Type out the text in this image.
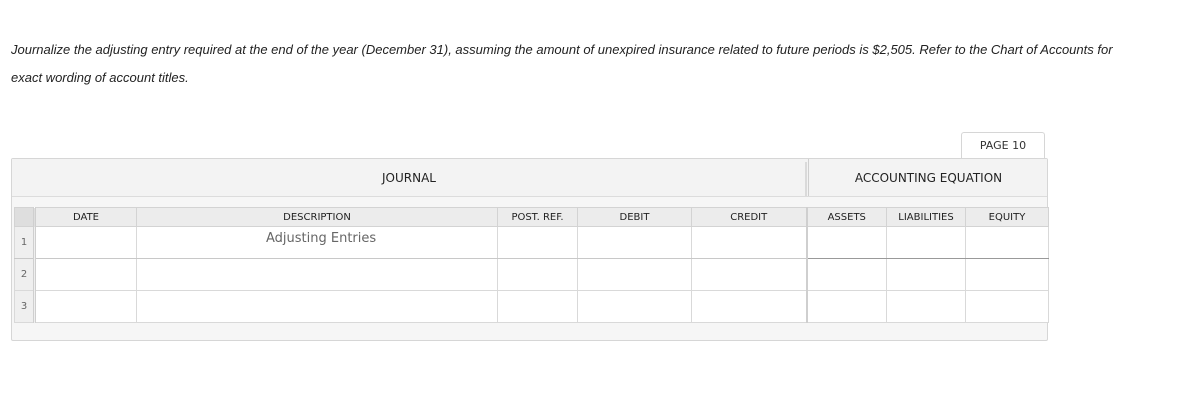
Journalize the adjusting entry required at the end of the year (December 31), assuming the amount of unexpired insurance related to future periods is $2,505. Refer to the Chart of Accounts for
exact wording of account titles.
PAGE 10
JOURNAL	ACCOUNTING EQUATION
	DATE	DESCRIPTION	POST. REF.	DEBIT	CREDIT	ASSETS	LIABILITIES	EQUITY
1		Adjusting Entries						
2								
3								
